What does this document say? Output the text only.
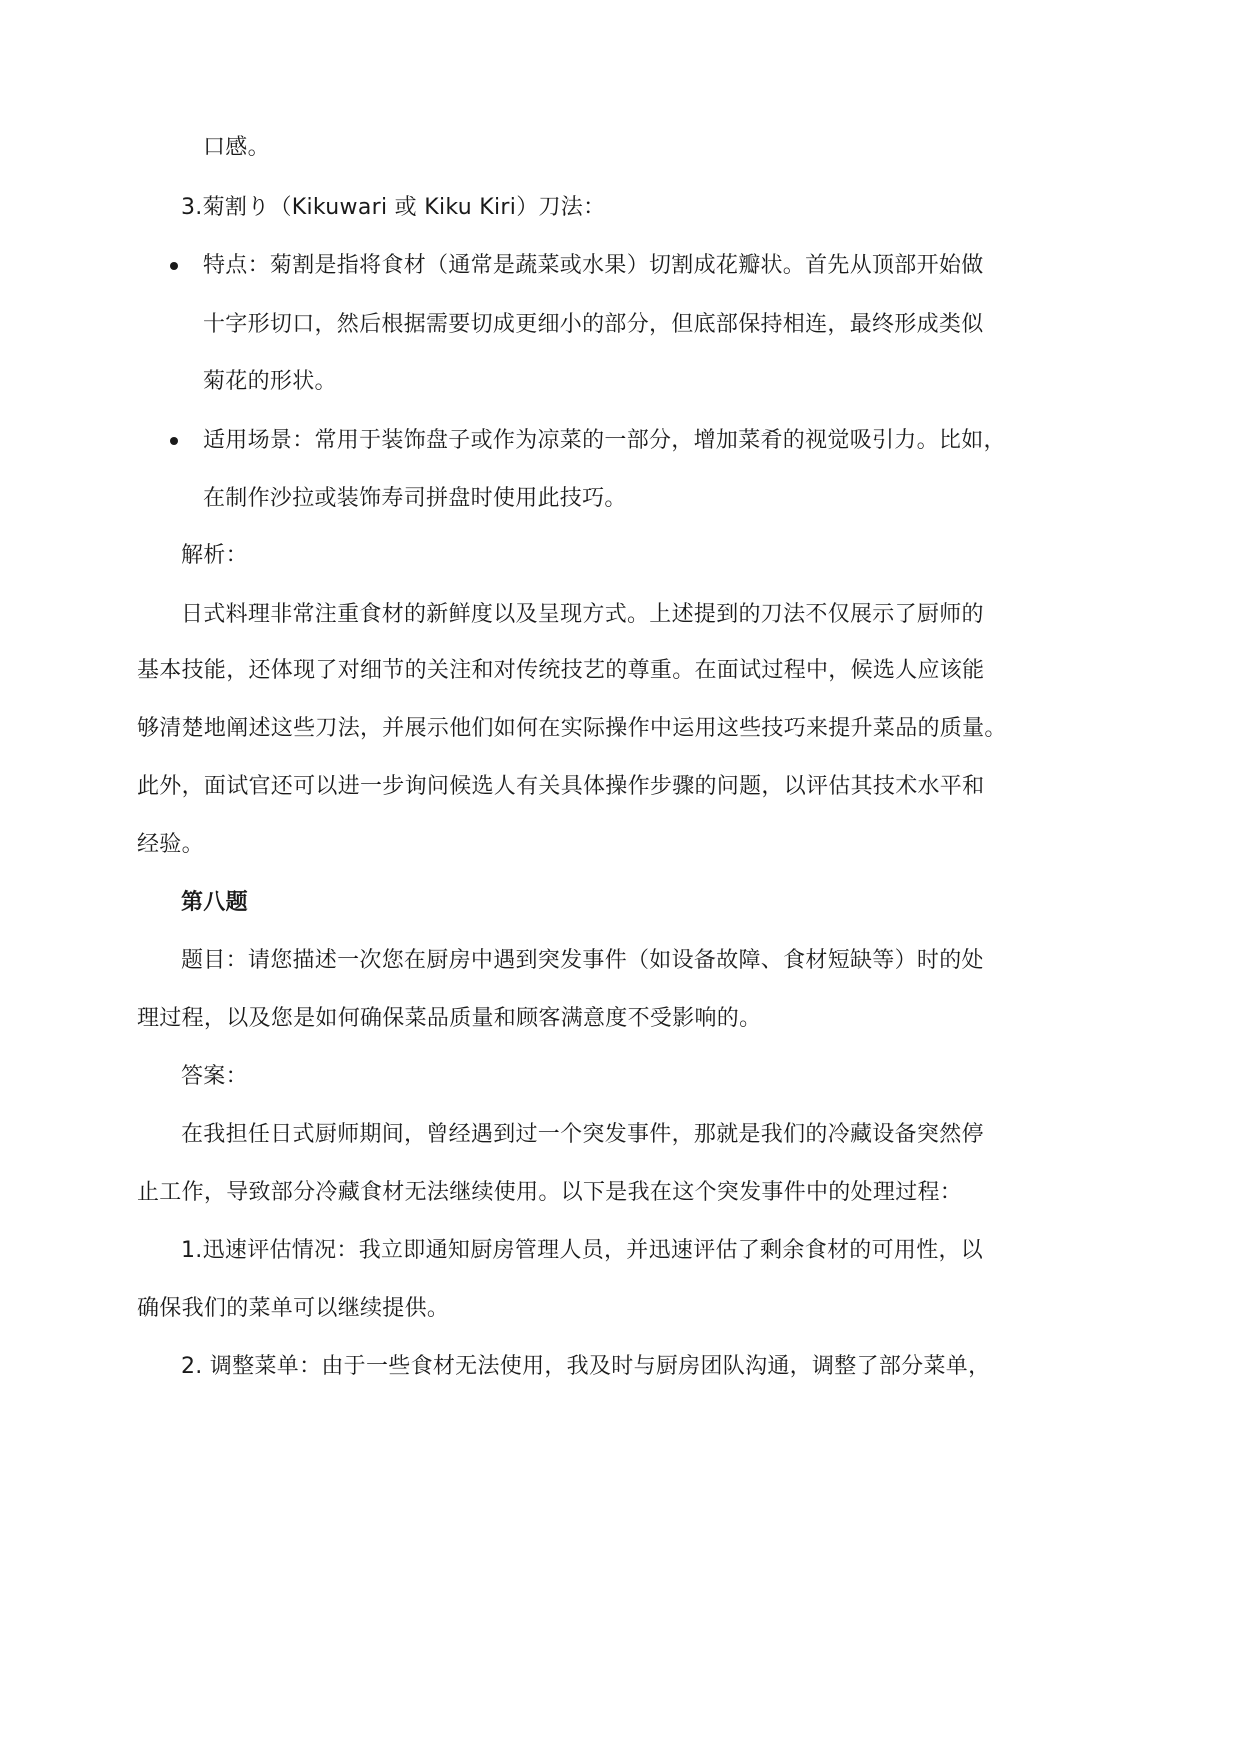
口感。
3.菊割り（Kikuwari 或 Kiku Kiri）刀法：
特点：菊割是指将食材（通常是蔬菜或水果）切割成花瓣状。首先从顶部开始做
十字形切口，然后根据需要切成更细小的部分，但底部保持相连，最终形成类似
菊花的形状。
适用场景：常用于装饰盘子或作为凉菜的一部分，增加菜肴的视觉吸引力。比如，
在制作沙拉或装饰寿司拼盘时使用此技巧。
解析：
日式料理非常注重食材的新鲜度以及呈现方式。上述提到的刀法不仅展示了厨师的
基本技能，还体现了对细节的关注和对传统技艺的尊重。在面试过程中，候选人应该能
够清楚地阐述这些刀法，并展示他们如何在实际操作中运用这些技巧来提升菜品的质量。
此外，面试官还可以进一步询问候选人有关具体操作步骤的问题，以评估其技术水平和
经验。
第八题
题目：请您描述一次您在厨房中遇到突发事件（如设备故障、食材短缺等）时的处
理过程，以及您是如何确保菜品质量和顾客满意度不受影响的。
答案：
在我担任日式厨师期间，曾经遇到过一个突发事件，那就是我们的冷藏设备突然停
止工作，导致部分冷藏食材无法继续使用。以下是我在这个突发事件中的处理过程：
1.迅速评估情况：我立即通知厨房管理人员，并迅速评估了剩余食材的可用性，以
确保我们的菜单可以继续提供。
2. 调整菜单：由于一些食材无法使用，我及时与厨房团队沟通，调整了部分菜单，
